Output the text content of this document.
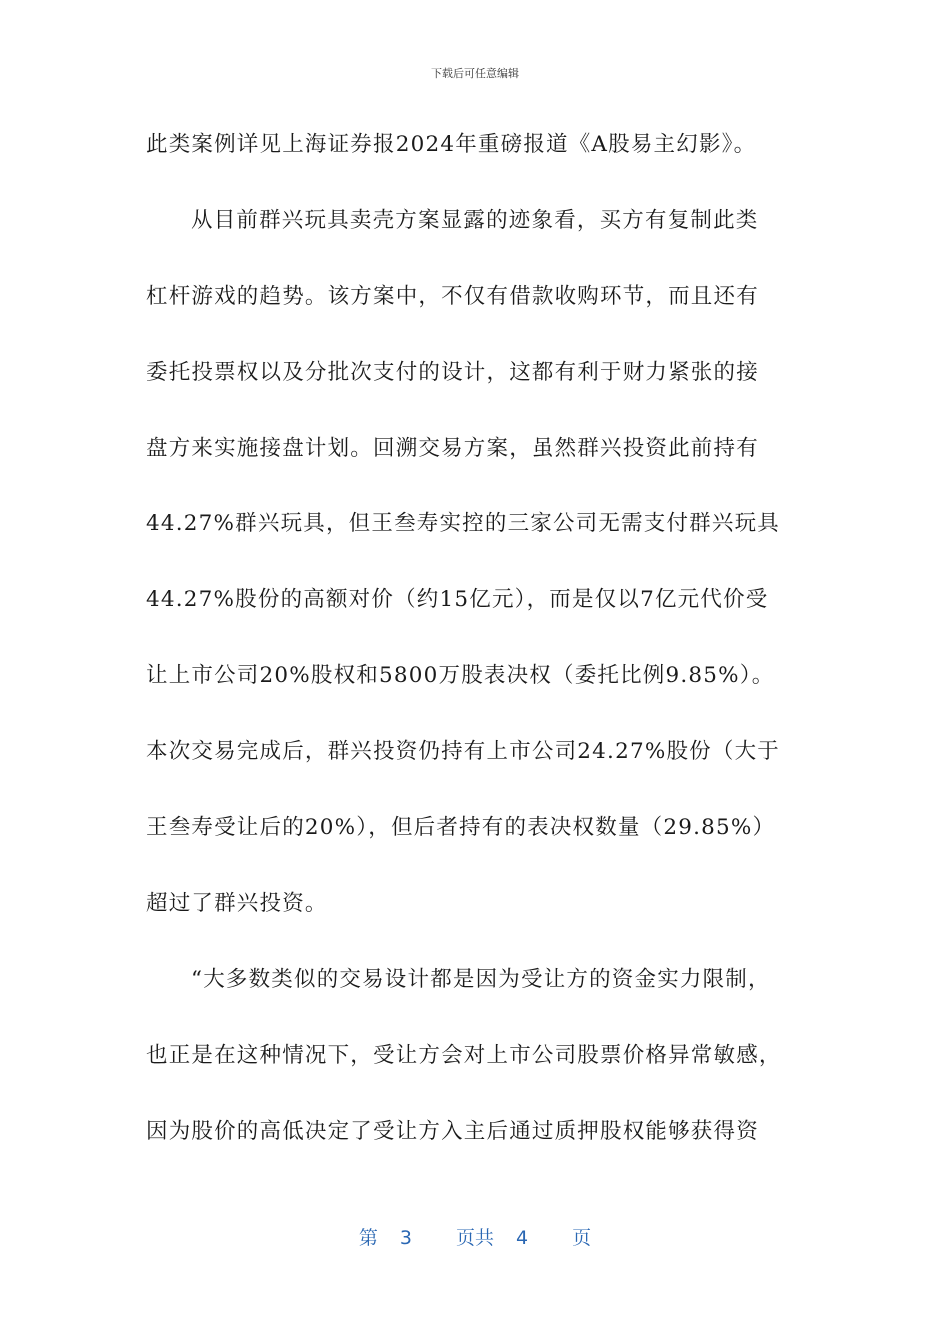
下载后可任意编辑
此类案例详见上海证券报2024年重磅报道《A股易主幻影》。
从目前群兴玩具卖壳方案显露的迹象看，买方有复制此类
杠杆游戏的趋势。该方案中，不仅有借款收购环节，而且还有
委托投票权以及分批次支付的设计，这都有利于财力紧张的接
盘方来实施接盘计划。回溯交易方案，虽然群兴投资此前持有
44.27%群兴玩具，但王叁寿实控的三家公司无需支付群兴玩具
44.27%股份的高额对价（约15亿元），而是仅以7亿元代价受
让上市公司20%股权和5800万股表决权（委托比例9.85%）。
本次交易完成后，群兴投资仍持有上市公司24.27%股份（大于
王叁寿受让后的20%），但后者持有的表决权数量（29.85%）
超过了群兴投资。
“大多数类似的交易设计都是因为受让方的资金实力限制，
也正是在这种情况下，受让方会对上市公司股票价格异常敏感，
因为股价的高低决定了受让方入主后通过质押股权能够获得资
第 3 页共 4 页
